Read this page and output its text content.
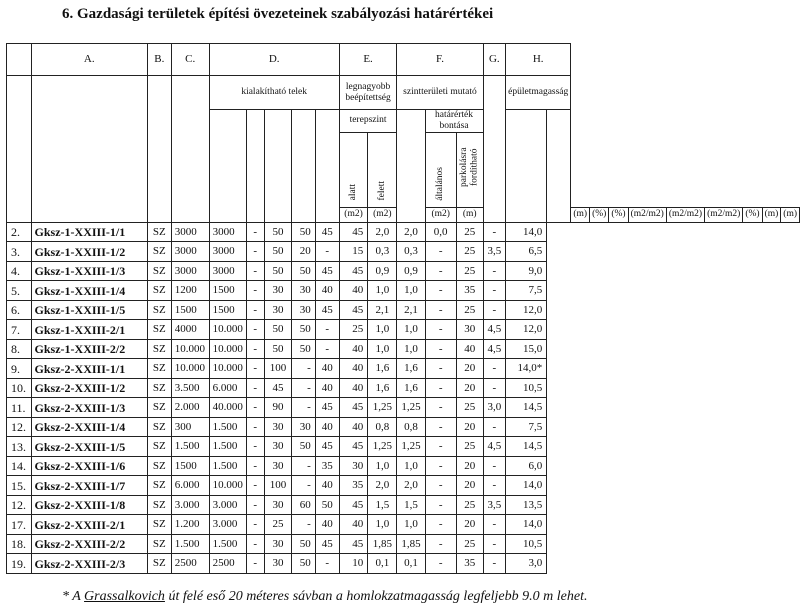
6. Gazdasági területek építési övezeteinek szabályozási határértékei
	A.	B.	C.	D.					E.		F.			G.	H.										
				kialakítható telek					legnagyobb beépítettség		szintterületi mutató				épületmagasság										
									terepszint			határérték bontása													
									alatt	felett		általános	parkolásra fordítható												
									(m2)	(m2)		(m2)	(m)				(m)	(%)	(%)	(m2/m2)	(m2/m2)	(m2/m2)	(%)	(m)	(m)
2.	Gksz-1-XXIII-1/1	SZ	3000	3000	-	50	50	45	45	2,0	2,0	0,0	25	-	14,0										
3.	Gksz-1-XXIII-1/2	SZ	3000	3000	-	50	20	-	15	0,3	0,3	-	25	3,5	6,5										
4.	Gksz-1-XXIII-1/3	SZ	3000	3000	-	50	50	45	45	0,9	0,9	-	25	-	9,0										
5.	Gksz-1-XXIII-1/4	SZ	1200	1500	-	30	30	40	40	1,0	1,0	-	35	-	7,5										
6.	Gksz-1-XXIII-1/5	SZ	1500	1500	-	30	30	45	45	2,1	2,1	-	25	-	12,0										
7.	Gksz-1-XXIII-2/1	SZ	4000	10.000	-	50	50	-	25	1,0	1,0	-	30	4,5	12,0										
8.	Gksz-1-XXIII-2/2	SZ	10.000	10.000	-	50	50	-	40	1,0	1,0	-	40	4,5	15,0										
9.	Gksz-2-XXIII-1/1	SZ	10.000	10.000	-	100	-	40	40	1,6	1,6	-	20	-	14,0*										
10.	Gksz-2-XXIII-1/2	SZ	3.500	6.000	-	45	-	40	40	1,6	1,6	-	20	-	10,5										
11.	Gksz-2-XXIII-1/3	SZ	2.000	40.000	-	90	-	45	45	1,25	1,25	-	25	3,0	14,5										
12.	Gksz-2-XXIII-1/4	SZ	300	1.500	-	30	30	40	40	0,8	0,8	-	20	-	7,5										
13.	Gksz-2-XXIII-1/5	SZ	1.500	1.500	-	30	50	45	45	1,25	1,25	-	25	4,5	14,5										
14.	Gksz-2-XXIII-1/6	SZ	1500	1.500	-	30	-	35	30	1,0	1,0	-	20	-	6,0										
15.	Gksz-2-XXIII-1/7	SZ	6.000	10.000	-	100	-	40	35	2,0	2,0	-	20	-	14,0										
12.	Gksz-2-XXIII-1/8	SZ	3.000	3.000	-	30	60	50	45	1,5	1,5	-	25	3,5	13,5										
17.	Gksz-2-XXIII-2/1	SZ	1.200	3.000	-	25	-	40	40	1,0	1,0	-	20	-	14,0										
18.	Gksz-2-XXIII-2/2	SZ	1.500	1.500	-	30	50	45	45	1,85	1,85	-	25	-	10,5										
19.	Gksz-2-XXIII-2/3	SZ	2500	2500	-	30	50	-	10	0,1	0,1	-	35	-	3,0										
* A Grassalkovich út felé eső 20 méteres sávban a homlokzatmagasság legfeljebb 9.0 m lehet.
